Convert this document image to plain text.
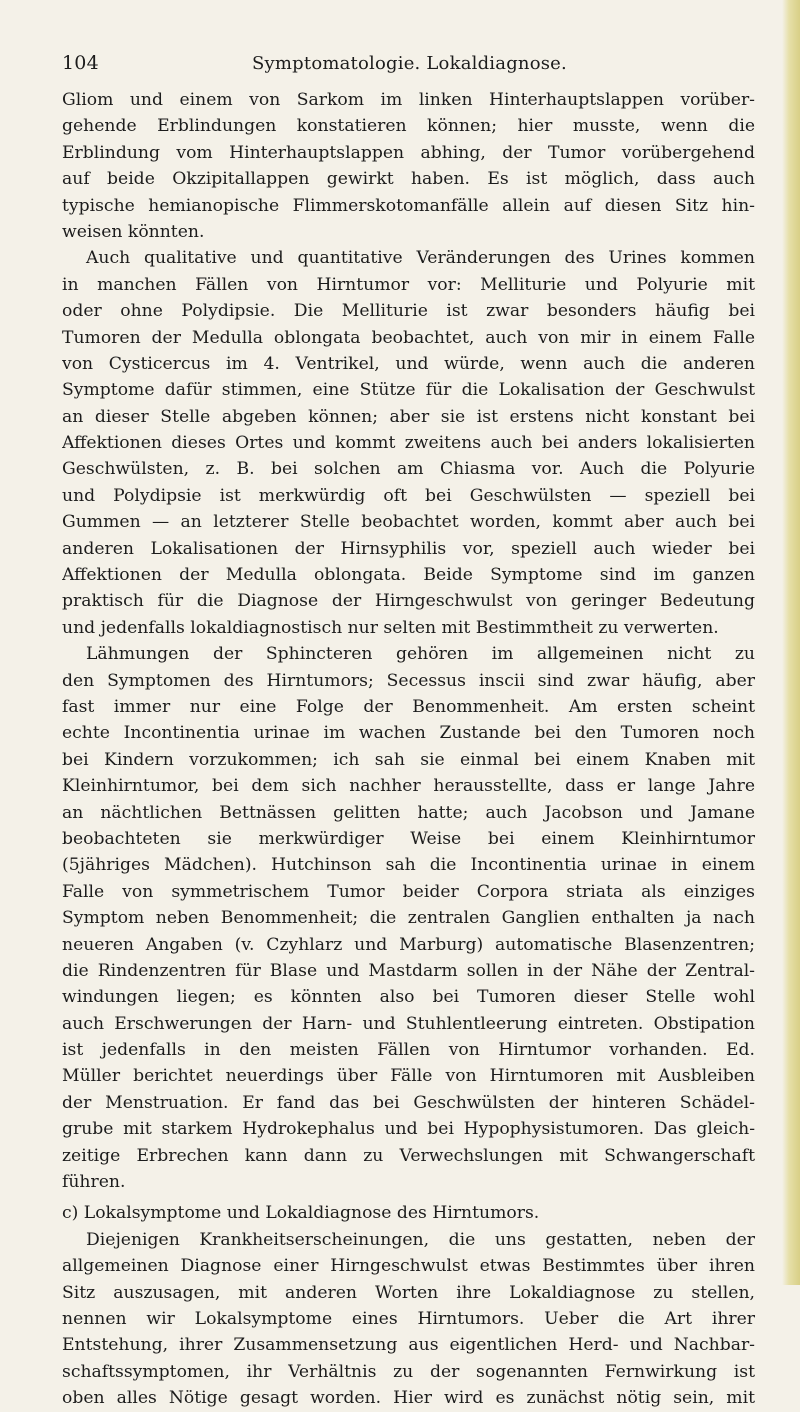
104	Symptomatologie. Lokaldiagnose.
Gliom und einem von Sarkom im linken Hinterhauptslappen vorüber-
gehende Erblindungen konstatieren können; hier musste, wenn die
Erblindung vom Hinterhauptslappen abhing, der Tumor vorübergehend
auf beide Okzipitallappen gewirkt haben. Es ist möglich, dass auch
typische hemianopische Flimmerskotomanfälle allein auf diesen Sitz hin-
weisen könnten.
Auch qualitative und quantitative Veränderungen des Urines kommen
in manchen Fällen von Hirntumor vor: Melliturie und Polyurie mit
oder ohne Polydipsie. Die Melliturie ist zwar besonders häufig bei
Tumoren der Medulla oblongata beobachtet, auch von mir in einem Falle
von Cysticercus im 4. Ventrikel, und würde, wenn auch die anderen
Symptome dafür stimmen, eine Stütze für die Lokalisation der Geschwulst
an dieser Stelle abgeben können; aber sie ist erstens nicht konstant bei
Affektionen dieses Ortes und kommt zweitens auch bei anders lokalisierten
Geschwülsten, z. B. bei solchen am Chiasma vor. Auch die Polyurie
und Polydipsie ist merkwürdig oft bei Geschwülsten — speziell bei
Gummen — an letzterer Stelle beobachtet worden, kommt aber auch bei
anderen Lokalisationen der Hirnsyphilis vor, speziell auch wieder bei
Affektionen der Medulla oblongata. Beide Symptome sind im ganzen
praktisch für die Diagnose der Hirngeschwulst von geringer Bedeutung
und jedenfalls lokaldiagnostisch nur selten mit Bestimmtheit zu verwerten.
Lähmungen der Sphincteren gehören im allgemeinen nicht zu
den Symptomen des Hirntumors; Secessus inscii sind zwar häufig, aber
fast immer nur eine Folge der Benommenheit. Am ersten scheint
echte Incontinentia urinae im wachen Zustande bei den Tumoren noch
bei Kindern vorzukommen; ich sah sie einmal bei einem Knaben mit
Kleinhirntumor, bei dem sich nachher herausstellte, dass er lange Jahre
an nächtlichen Bettnässen gelitten hatte; auch Jacobson und Jamane
beobachteten sie merkwürdiger Weise bei einem Kleinhirntumor
(5jähriges Mädchen). Hutchinson sah die Incontinentia urinae in einem
Falle von symmetrischem Tumor beider Corpora striata als einziges
Symptom neben Benommenheit; die zentralen Ganglien enthalten ja nach
neueren Angaben (v. Czyhlarz und Marburg) automatische Blasenzentren;
die Rindenzentren für Blase und Mastdarm sollen in der Nähe der Zentral-
windungen liegen; es könnten also bei Tumoren dieser Stelle wohl
auch Erschwerungen der Harn- und Stuhlentleerung eintreten. Obstipation
ist jedenfalls in den meisten Fällen von Hirntumor vorhanden. Ed.
Müller berichtet neuerdings über Fälle von Hirntumoren mit Ausbleiben
der Menstruation. Er fand das bei Geschwülsten der hinteren Schädel-
grube mit starkem Hydrokephalus und bei Hypophysistumoren. Das gleich-
zeitige Erbrechen kann dann zu Verwechslungen mit Schwangerschaft
führen.
c) Lokalsymptome und Lokaldiagnose des Hirntumors.
Diejenigen Krankheitserscheinungen, die uns gestatten, neben der
allgemeinen Diagnose einer Hirngeschwulst etwas Bestimmtes über ihren
Sitz auszusagen, mit anderen Worten ihre Lokaldiagnose zu stellen,
nennen wir Lokalsymptome eines Hirntumors. Ueber die Art ihrer
Entstehung, ihrer Zusammensetzung aus eigentlichen Herd- und Nachbar-
schaftssymptomen, ihr Verhältnis zu der sogenannten Fernwirkung ist
oben alles Nötige gesagt worden. Hier wird es zunächst nötig sein, mit
